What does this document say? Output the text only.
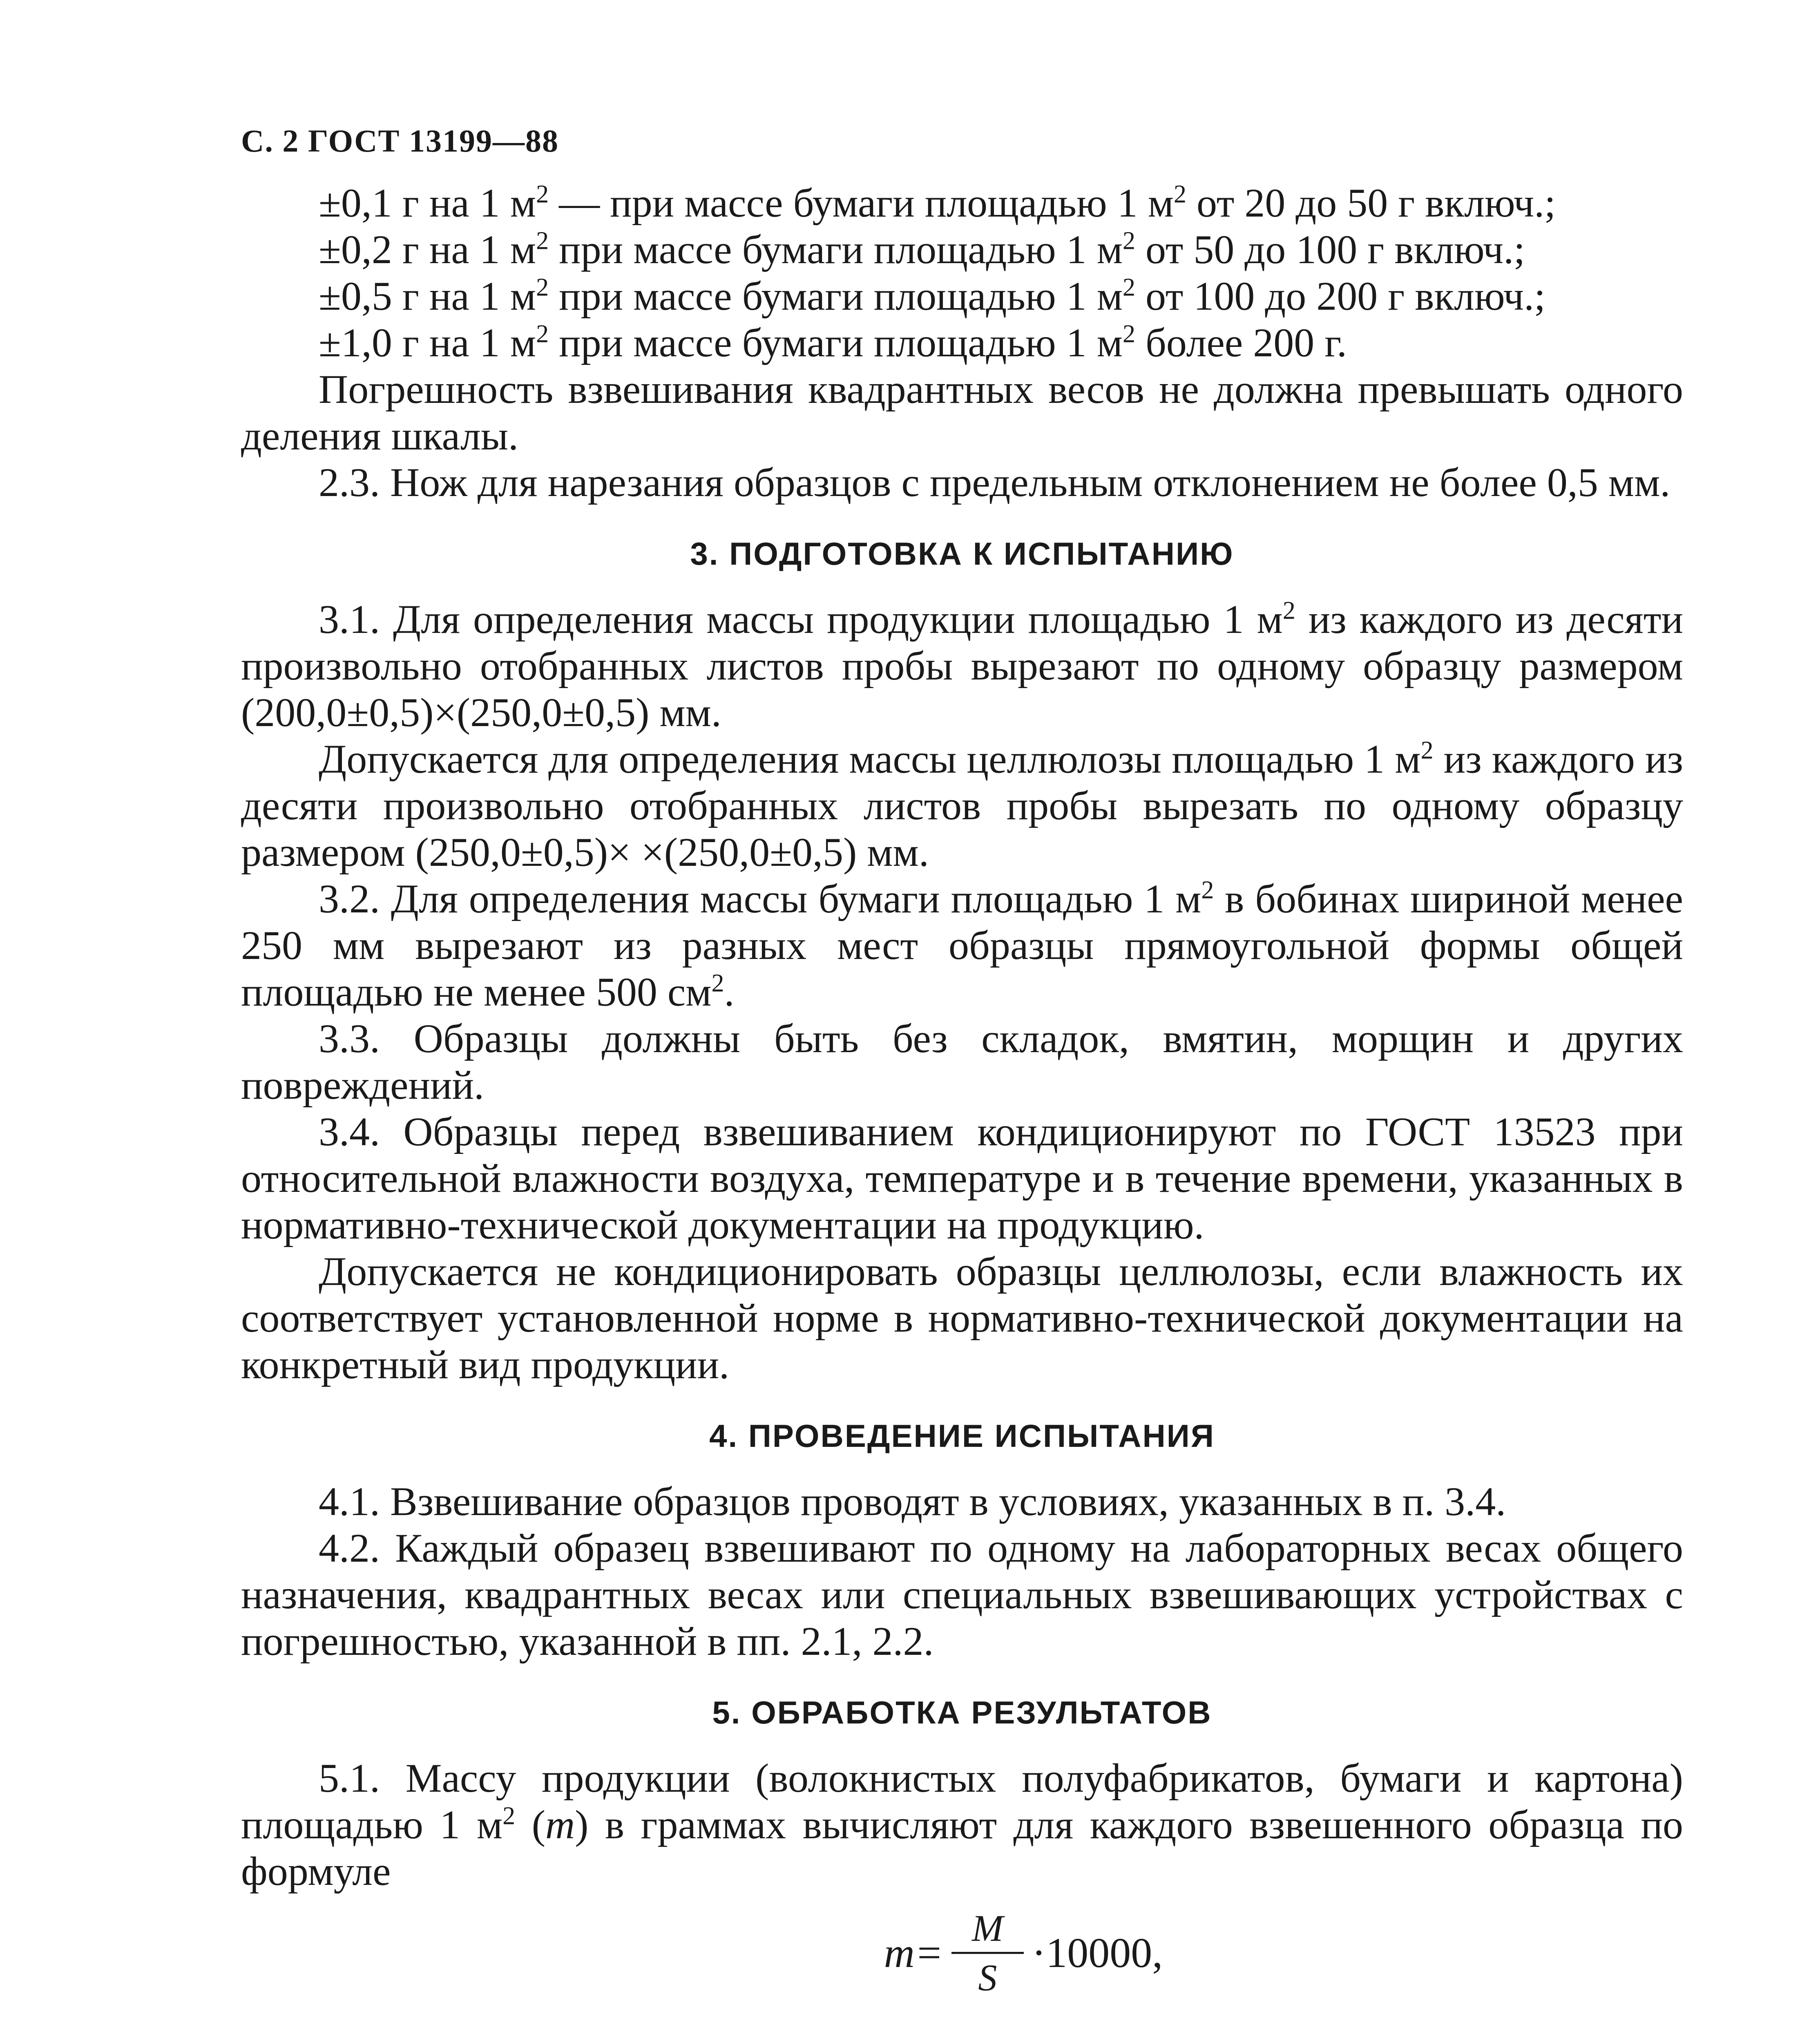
С. 2 ГОСТ 13199—88

±0,1 г на 1 $м^2$ — при массе бумаги площадью 1 $м^2$ от 20 до 50 г включ.;

±0,2 г на 1 $м^2$ при массе бумаги площадью 1 $м^2$ от 50 до 100 г включ.;

±0,5 г на 1 $м^2$ при массе бумаги площадью 1 $м^2$ от 100 до 200 г включ.;

±1,0 г на 1 $м^2$ при массе бумаги площадью 1 $м^2$ более 200 г.

Погрешность взвешивания квадрантных весов не должна превышать одного деления шкалы.

2.3. Нож для нарезания образцов с предельным отклонением не более 0,5 мм.

3. ПОДГОТОВКА К ИСПЫТАНИЮ

3.1. Для определения массы продукции площадью 1 $м^2$ из каждого из десяти произвольно отобранных листов пробы вырезают по одному образцу размером (200,0±0,5)×(250,0±0,5) мм.

Допускается для определения массы целлюлозы площадью 1 $м^2$ из каждого из десяти произвольно отобранных листов пробы вырезать по одному образцу размером (250,0±0,5)× ×(250,0±0,5) мм.

3.2. Для определения массы бумаги площадью 1 $м^2$ в бобинах шириной менее 250 мм вырезают из разных мест образцы прямоугольной формы общей площадью не менее 500 $см^2$.

3.3. Образцы должны быть без складок, вмятин, морщин и других повреждений.

3.4. Образцы перед взвешиванием кондиционируют по ГОСТ 13523 при относительной влажности воздуха, температуре и в течение времени, указанных в нормативно-технической документации на продукцию.

Допускается не кондиционировать образцы целлюлозы, если влажность их соответствует установленной норме в нормативно-технической документации на конкретный вид продукции.

4. ПРОВЕДЕНИЕ ИСПЫТАНИЯ

4.1. Взвешивание образцов проводят в условиях, указанных в п. 3.4.

4.2. Каждый образец взвешивают по одному на лабораторных весах общего назначения, квадрантных весах или специальных взвешивающих устройствах с погрешностью, указанной в пп. 2.1, 2.2.

5. ОБРАБОТКА РЕЗУЛЬТАТОВ

5.1. Массу продукции (волокнистых полуфабрикатов, бумаги и картона) площадью 1 $м^2$ (m) в граммах вычисляют для каждого взвешенного образца по формуле

$m= \frac{M}{S} \cdot 10000$,
